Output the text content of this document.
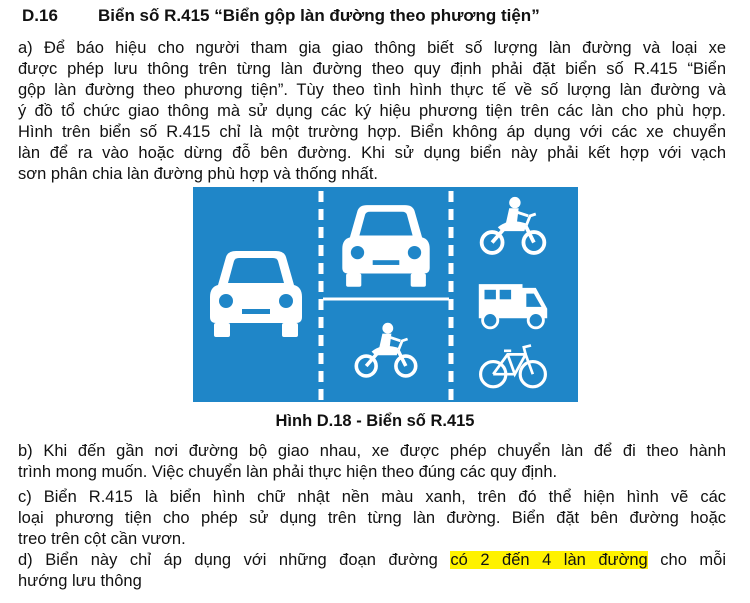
D.16 Biển số R.415 “Biển gộp làn đường theo phương tiện”
a) Để báo hiệu cho người tham gia giao thông biết số lượng làn đường và loại xe
được phép lưu thông trên từng làn đường theo quy định phải đặt biển số R.415 “Biển
gộp làn đường theo phương tiện”. Tùy theo tình hình thực tế về số lượng làn đường và
ý đồ tổ chức giao thông mà sử dụng các ký hiệu phương tiện trên các làn cho phù hợp.
Hình trên biển số R.415 chỉ là một trường hợp. Biển không áp dụng với các xe chuyển
làn để ra vào hoặc dừng đỗ bên đường. Khi sử dụng biển này phải kết hợp với vạch
sơn phân chia làn đường phù hợp và thống nhất.
Hình D.18 - Biển số R.415
b) Khi đến gần nơi đường bộ giao nhau, xe được phép chuyển làn để đi theo hành
trình mong muốn. Việc chuyển làn phải thực hiện theo đúng các quy định.
c) Biển R.415 là biển hình chữ nhật nền màu xanh, trên đó thể hiện hình vẽ các
loại phương tiện cho phép sử dụng trên từng làn đường. Biển đặt bên đường hoặc
treo trên cột cần vươn.
d) Biển này chỉ áp dụng với những đoạn đường có 2 đến 4 làn đường cho mỗi
hướng lưu thông
